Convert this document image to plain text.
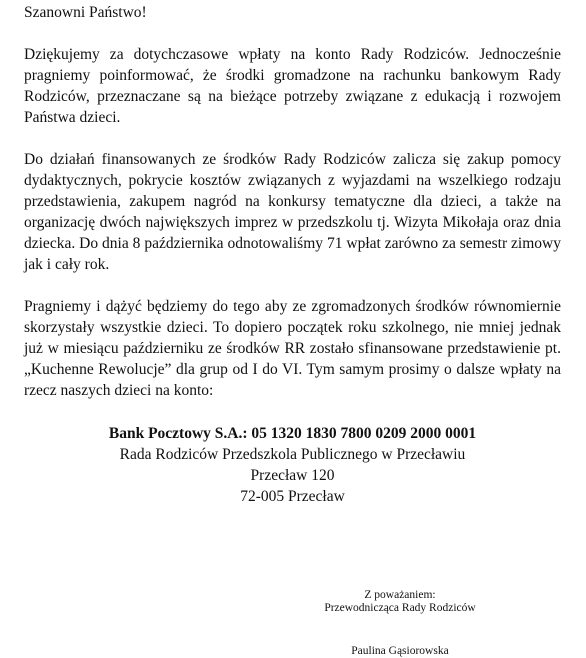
Szanowni Państwo!

Dziękujemy za dotychczasowe wpłaty na konto Rady Rodziców. Jednocześnie pragniemy poinformować, że środki gromadzone na rachunku bankowym Rady Rodziców, przeznaczane są na bieżące potrzeby związane z edukacją i rozwojem Państwa dzieci.

Do działań finansowanych ze środków Rady Rodziców zalicza się zakup pomocy dydaktycznych, pokrycie kosztów związanych z wyjazdami na wszelkiego rodzaju przedstawienia, zakupem nagród na konkursy tematyczne dla dzieci, a także na organizację dwóch największych imprez w przedszkolu tj. Wizyta Mikołaja oraz dnia dziecka. Do dnia 8 października odnotowaliśmy 71 wpłat zarówno za semestr zimowy jak i cały rok.

Pragniemy i dążyć będziemy do tego aby ze zgromadzonych środków równomiernie skorzystały wszystkie dzieci. To dopiero początek roku szkolnego, nie mniej jednak już w miesiącu październiku ze środków RR zostało sfinansowane przedstawienie pt. „Kuchenne Rewolucje” dla grup od I do VI. Tym samym prosimy o dalsze wpłaty na rzecz naszych dzieci na konto:

Bank Pocztowy S.A.: 05 1320 1830 7800 0209 2000 0001
Rada Rodziców Przedszkola Publicznego w Przecławiu
Przecław 120
72-005 Przecław
Z poważaniem:
Przewodnicząca Rady Rodziców
Paulina Gąsiorowska
